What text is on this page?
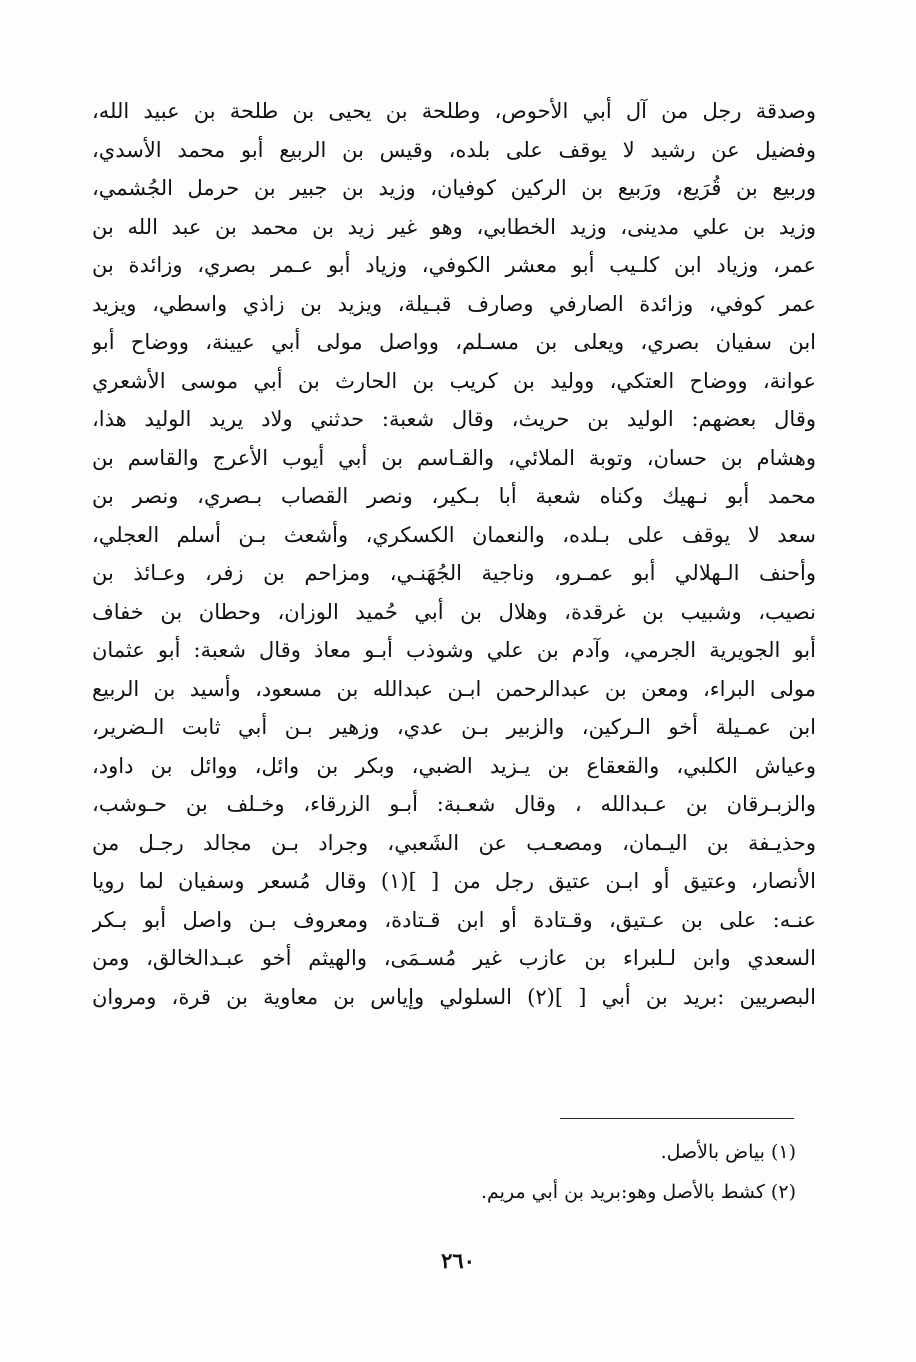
وصدقة رجل من آل أبي الأحوص، وطلحة بن يحيى بن طلحة بن عبيد الله،
وفضيل عن رشيد لا يوقف على بلده، وقيس بن الربيع أبو محمد الأسدي،
وربيع بن قُرَيع، ورَبيع بن الركين كوفيان، وزيد بن جبير بن حرمل الجُشمي،
وزيد بن علي مدينى، وزيد الخطابي، وهو غير زيد بن محمد بن عبد الله بن
عمر، وزياد ابن كلـيب أبو معشر الكوفي، وزياد أبو عـمر بصري، وزائدة بن
عمر كوفي، وزائدة الصارفي وصارف قبـيلة، ويزيد بن زاذي واسطي، ويزيد
ابن سفيان بصري، ويعلى بن مسـلم، وواصل مولى أبي عيينة، ووضاح أبو
عوانة، ووضاح العتكي، ووليد بن كريب بن الحارث بن أبي موسى الأشعري
وقال بعضهم: الوليد بن حريث، وقال شعبة: حدثني ولاد يريد الوليد هذا،
وهشام بن حسان، وتوبة الملائي، والقـاسم بن أبي أيوب الأعرج والقاسم بن
محمد أبو نـهيك وكناه شعبة أبا بـكير، ونصر القصاب بـصري، ونصر بن
سعد لا يوقف على بـلده، والنعمان الكسكري، وأشعث بـن أسلم العجلي،
وأحنف الـهلالي أبو عمـرو، وناجية الجُهَنـي، ومزاحم بن زفر، وعـائذ بن
نصيب، وشبيب بن غرقدة، وهلال بن أبي حُميد الوزان، وحطان بن خفاف
أبو الجويرية الجرمي، وآدم بن علي وشوذب أبـو معاذ وقال شعبة: أبو عثمان
مولى البراء، ومعن بن عبدالرحمن ابـن عبدالله بن مسعود، وأسيد بن الربيع
ابن عمـيلة أخو الـركين، والزبير بـن عدي، وزهير بـن أبي ثابت الـضرير،
وعياش الكلبي، والقعقاع بن يـزيد الضبي، وبكر بن وائل، ووائل بن داود،
والزبـرقان بن عـبدالله ، وقال شعـبة: أبـو الزرقاء، وخـلف بن حـوشب،
وحذيـفة بن اليـمان، ومصعـب عن الشَعبي، وجراد بـن مجالد رجـل من
الأنصار، وعتيق أو ابـن عتيق رجل من [ ](١) وقال مُسعر وسفيان لما رويا
عنـه: على بن عـتيق، وقـتادة أو ابن قـتادة، ومعروف بـن واصل أبو بـكر
السعدي وابن لـلبراء بن عازب غير مُسـمَى، والهيثم أخو عبـدالخالق، ومن
البصريين :بريد بن أبي [ ](٢) السلولي وإياس بن معاوية بن قرة، ومروان
(١) بياض بالأصل.
(٢) كشط بالأصل وهو:بريد بن أبي مريم.
٢٦٠
